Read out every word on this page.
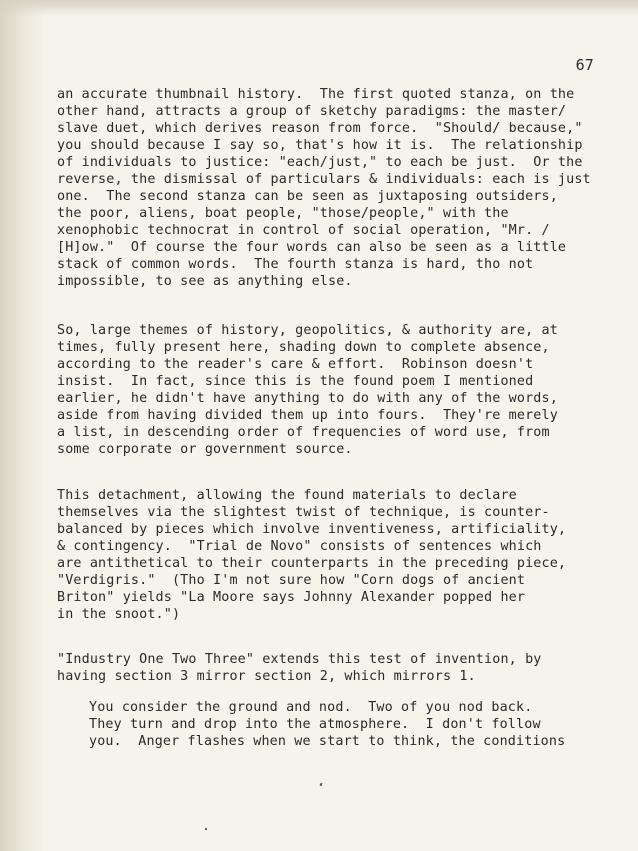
67
an accurate thumbnail history.  The first quoted stanza, on the
other hand, attracts a group of sketchy paradigms: the master/
slave duet, which derives reason from force.  "Should/ because,"
you should because I say so, that's how it is.  The relationship
of individuals to justice: "each/just," to each be just.  Or the
reverse, the dismissal of particulars & individuals: each is just
one.  The second stanza can be seen as juxtaposing outsiders,
the poor, aliens, boat people, "those/people," with the
xenophobic technocrat in control of social operation, "Mr. /
[H]ow."  Of course the four words can also be seen as a little
stack of common words.  The fourth stanza is hard, tho not
impossible, to see as anything else.
So, large themes of history, geopolitics, & authority are, at
times, fully present here, shading down to complete absence,
according to the reader's care & effort.  Robinson doesn't
insist.  In fact, since this is the found poem I mentioned
earlier, he didn't have anything to do with any of the words,
aside from having divided them up into fours.  They're merely
a list, in descending order of frequencies of word use, from
some corporate or government source.
This detachment, allowing the found materials to declare
themselves via the slightest twist of technique, is counter-
balanced by pieces which involve inventiveness, artificiality,
& contingency.  "Trial de Novo" consists of sentences which
are antithetical to their counterparts in the preceding piece,
"Verdigris."  (Tho I'm not sure how "Corn dogs of ancient
Briton" yields "La Moore says Johnny Alexander popped her
in the snoot.")
"Industry One Two Three" extends this test of invention, by
having section 3 mirror section 2, which mirrors 1.
You consider the ground and nod.  Two of you nod back.
They turn and drop into the atmosphere.  I don't follow
you.  Anger flashes when we start to think, the conditions
